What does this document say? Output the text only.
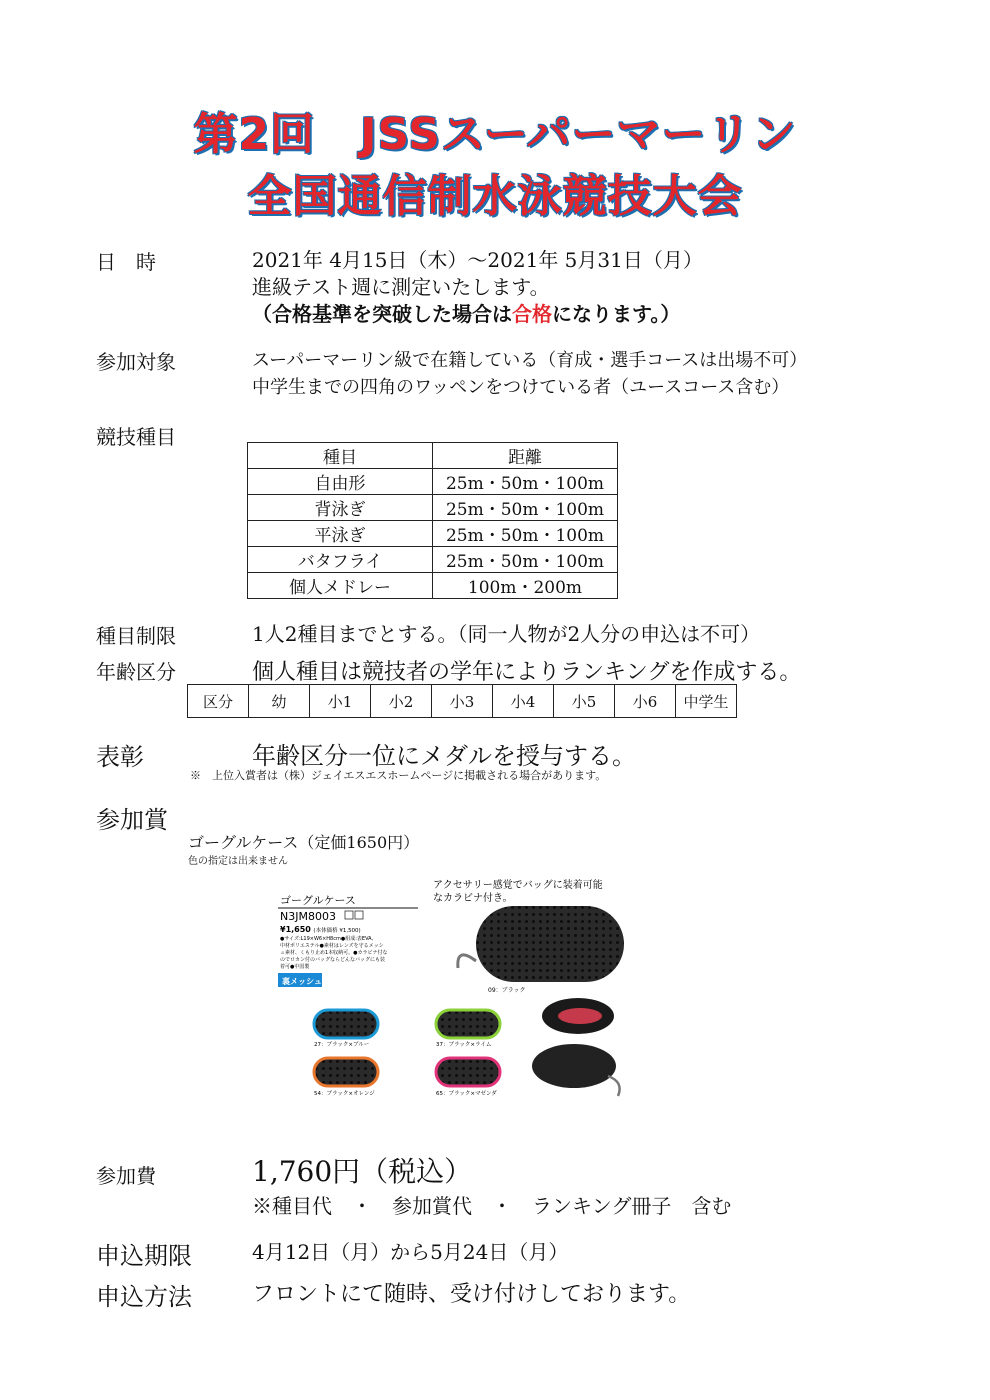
第2回　JSSスーパーマーリン
全国通信制水泳競技大会
日　時	2021年 4月15日（木）～2021年 5月31日（月）
進級テスト週に測定いたします。
（合格基準を突破した場合は合格になります。）
参加対象	スーパーマーリン級で在籍している（育成・選手コースは出場不可）
中学生までの四角のワッペンをつけている者（ユースコース含む）
競技種目
種目	距離
自由形	25m・50m・100m
背泳ぎ	25m・50m・100m
平泳ぎ	25m・50m・100m
バタフライ	25m・50m・100m
個人メドレー	100m・200m
種目制限	1人2種目までとする。（同一人物が2人分の申込は不可）
年齢区分	個人種目は競技者の学年によりランキングを作成する。
区分	幼	小1	小2	小3	小4	小5	小6	中学生
表彰	年齢区分一位にメダルを授与する。
※　上位入賞者は（株）ジェイエスエスホームページに掲載される場合があります。
参加賞
ゴーグルケース（定価1650円）
色の指定は出来ません
ゴーグルケース
N3JM8003
¥1,650 (本体価格 ¥1,500)
●サイズ:L19×W6×H8cm●組成:表EVA、
中材ポリエステル●素材はレンズを守るメッシ
ュ素材、くもり止め1本収納可。●カラビナ付な
のでロカン付のバッグならどんなバッグにも装
着可●中国製
裏メッシュ
アクセサリー感覚でバッグに装着可能
なカラビナ付き。
09：ブラック
27：ブラック×ブルー	37：ブラック×ライム
54：ブラック×オレンジ	65：ブラック×マゼンダ
参加費	1,760円（税込）
※種目代　・　参加賞代　・　ランキング冊子　含む
申込期限	4月12日（月）から5月24日（月）
申込方法	フロントにて随時、受け付けしております。
